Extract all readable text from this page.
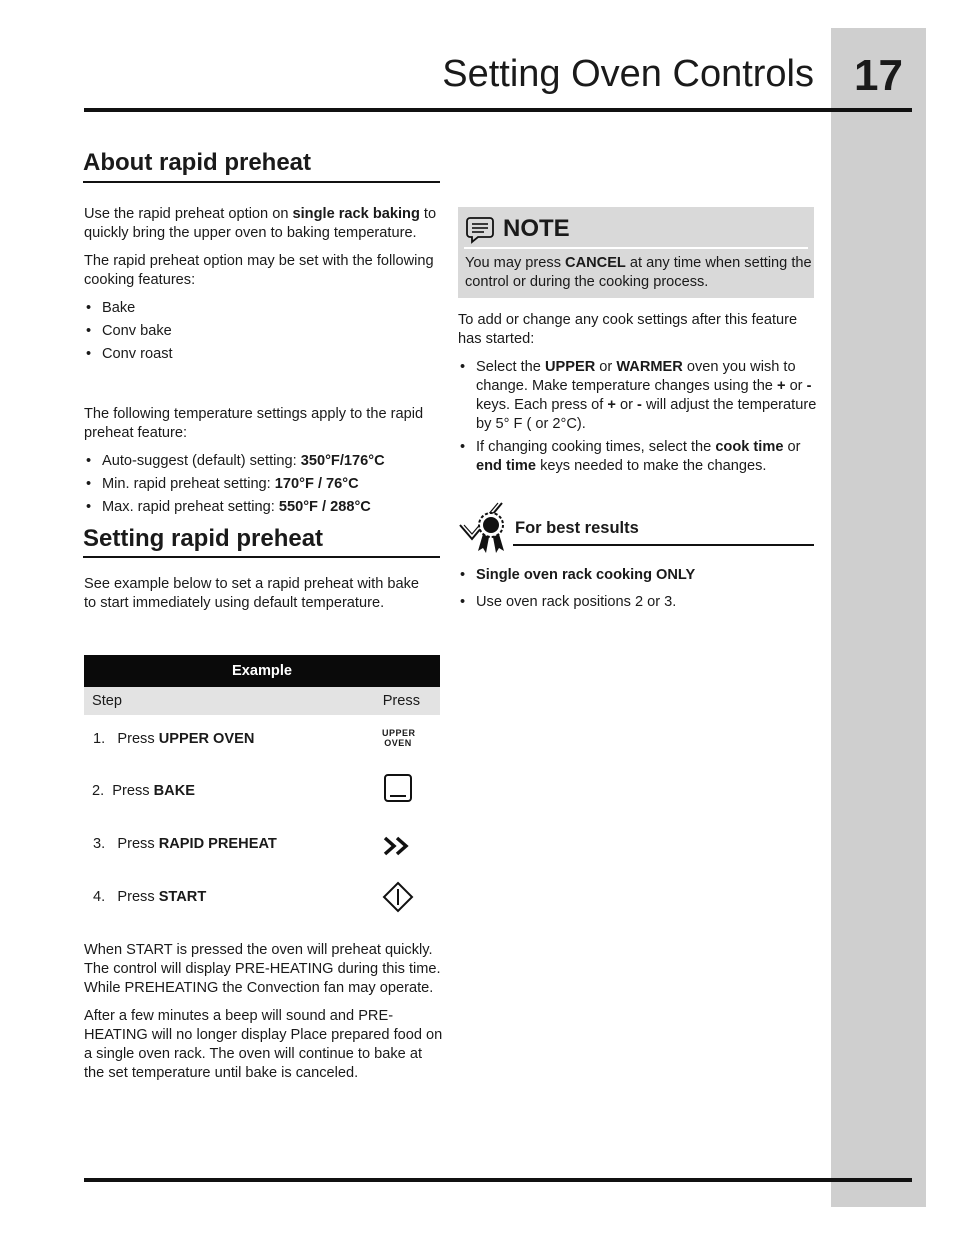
17
Setting Oven Controls
About rapid preheat

Use the rapid preheat option on single rack baking to quickly bring the upper oven to baking temperature.

The rapid preheat option may be set with the following cooking features:

• Bake
• Conv bake
• Conv roast

The following temperature settings apply to the rapid preheat feature:

• Auto-suggest (default) setting: 350°F/176°C
• Min. rapid preheat setting: 170°F / 76°C
• Max. rapid preheat setting: 550°F / 288°C
Setting rapid preheat
See example below to set a rapid preheat with bake to start immediately using default temperature.
Example
Step	Press
1. Press UPPER OVEN	UPPER
OVEN
2. Press BAKE
3. Press RAPID PREHEAT
4. Press START

When START is pressed the oven will preheat quickly. The control will display PRE-HEATING during this time. While PREHEATING the Convection fan may operate.

After a few minutes a beep will sound and PRE-HEATING will no longer display Place prepared food on a single oven rack. The oven will continue to bake at the set temperature until bake is canceled.

NOTE
You may press CANCEL at any time when setting the control or during the cooking process.

To add or change any cook settings after this feature has started:

• Select the UPPER or WARMER oven you wish to change. Make temperature changes using the + or - keys. Each press of + or - will adjust the temperature by 5° F ( or 2°C).
• If changing cooking times, select the cook time or end time keys needed to make the changes.
For best results
• Single oven rack cooking ONLY
• Use oven rack positions 2 or 3.
